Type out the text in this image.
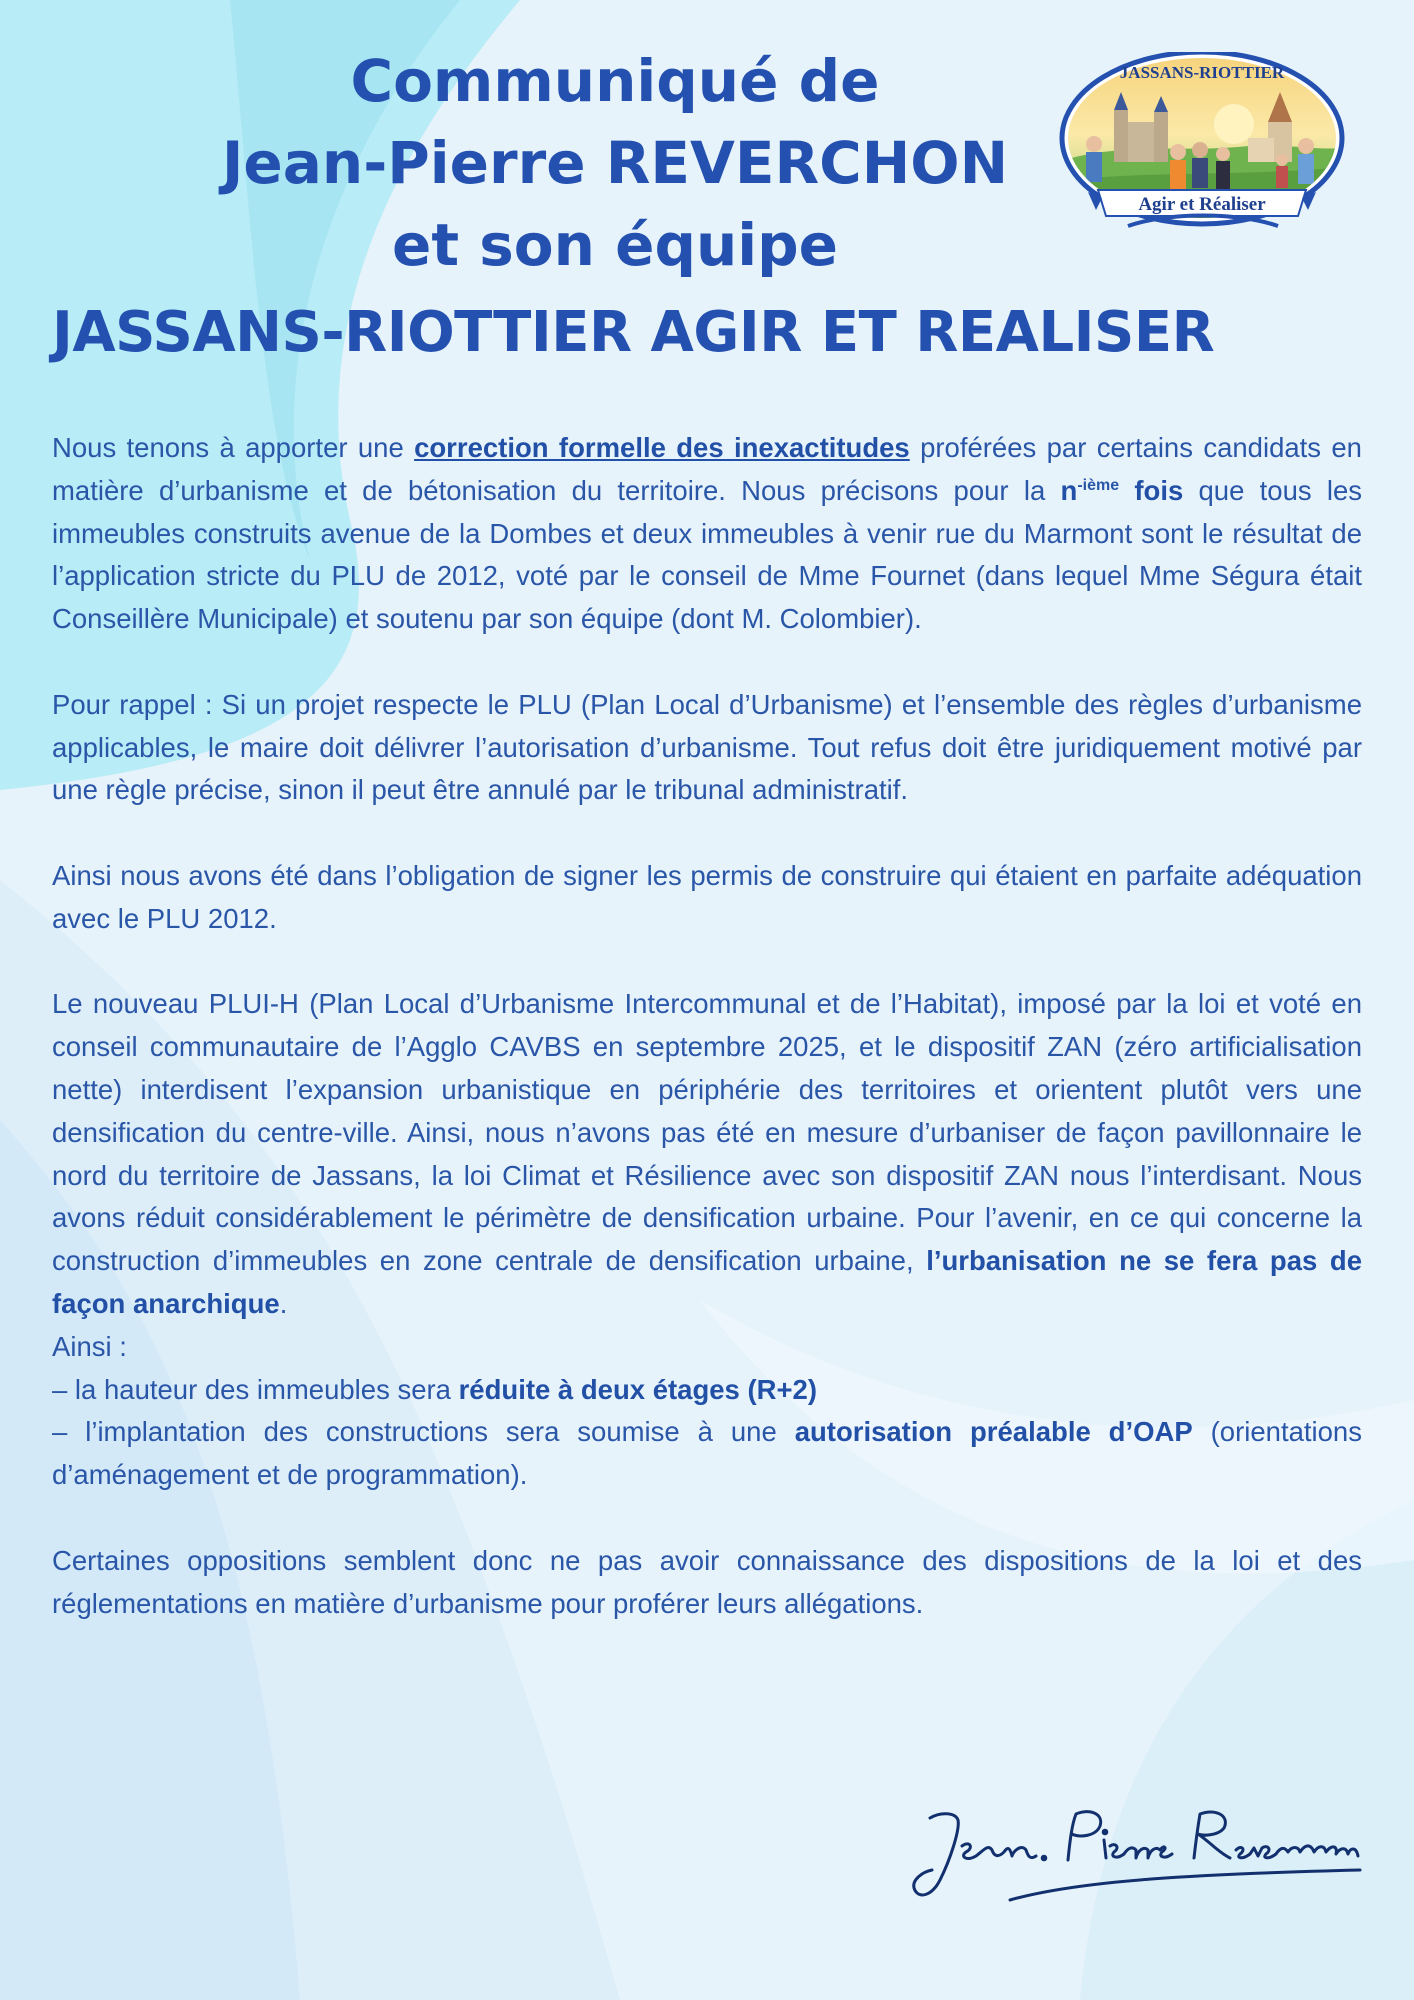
Communiqué de
Jean-Pierre REVERCHON
et son équipe
JASSANS-RIOTTIER AGIR ET REALISER
JASSANS-RIOTTIER
Agir et Réaliser

Nous tenons à apporter une correction formelle des inexactitudes proférées par certains candidats en matière d’urbanisme et de bétonisation du territoire. Nous précisons pour la $n^{-ième}$ fois que tous les immeubles construits avenue de la Dombes et deux immeubles à venir rue du Marmont sont le résultat de l’application stricte du PLU de 2012, voté par le conseil de Mme Fournet (dans lequel Mme Ségura était Conseillère Municipale) et soutenu par son équipe (dont M. Colombier).

Pour rappel : Si un projet respecte le PLU (Plan Local d’Urbanisme) et l’ensemble des règles d’urbanisme applicables, le maire doit délivrer l’autorisation d’urbanisme. Tout refus doit être juridiquement motivé par une règle précise, sinon il peut être annulé par le tribunal administratif.

Ainsi nous avons été dans l’obligation de signer les permis de construire qui étaient en parfaite adéquation avec le PLU 2012.

Le nouveau PLUI-H (Plan Local d’Urbanisme Intercommunal et de l’Habitat), imposé par la loi et voté en conseil communautaire de l’Agglo CAVBS en septembre 2025, et le dispositif ZAN (zéro artificialisation nette) interdisent l’expansion urbanistique en périphérie des territoires et orientent plutôt vers une densification du centre-ville. Ainsi, nous n’avons pas été en mesure d’urbaniser de façon pavillonnaire le nord du territoire de Jassans, la loi Climat et Résilience avec son dispositif ZAN nous l’interdisant. Nous avons réduit considérablement le périmètre de densification urbaine. Pour l’avenir, en ce qui concerne la construction d’immeubles en zone centrale de densification urbaine, l’urbanisation ne se fera pas de façon anarchique.

Ainsi :

– la hauteur des immeubles sera réduite à deux étages (R+2)

– l’implantation des constructions sera soumise à une autorisation préalable d’OAP (orientations d’aménagement et de programmation).

Certaines oppositions semblent donc ne pas avoir connaissance des dispositions de la loi et des réglementations en matière d’urbanisme pour proférer leurs allégations.
